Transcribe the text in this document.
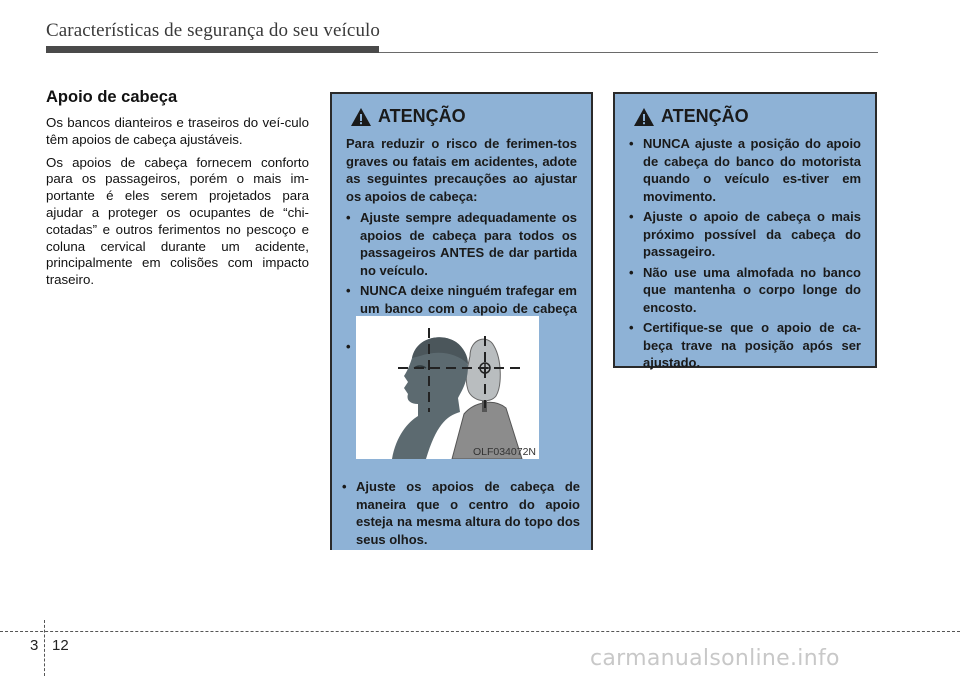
Características de segurança do seu veículo
Apoio de cabeça

Os bancos dianteiros e traseiros do veí-culo têm apoios de cabeça ajustáveis.

Os apoios de cabeça fornecem conforto para os passageiros, porém o mais im-portante é eles serem projetados para ajudar a proteger os ocupantes de “chi-cotadas” e outros ferimentos no pescoço e coluna cervical durante um acidente, principalmente em colisões com impacto traseiro.

ATENÇÃO

Para reduzir o risco de ferimen-tos graves ou fatais em acidentes, adote as seguintes precauções ao ajustar os apoios de cabeça:

• Ajuste sempre adequadamente os apoios de cabeça para todos os passageiros ANTES de dar partida no veículo.
• NUNCA deixe ninguém trafegar em um banco com o apoio de cabeça
•
OLF034072N
• Ajuste os apoios de cabeça de maneira que o centro do apoio esteja na mesma altura do topo dos seus olhos.
ATENÇÃO
• NUNCA ajuste a posição do apoio de cabeça do banco do motorista quando o veículo es-tiver em movimento.
• Ajuste o apoio de cabeça o mais próximo possível da cabeça do passageiro.
• Não use uma almofada no banco que mantenha o corpo longe do encosto.
• Certifique-se que o apoio de ca-beça trave na posição após ser ajustado.
3 12
carmanualsonline.info
